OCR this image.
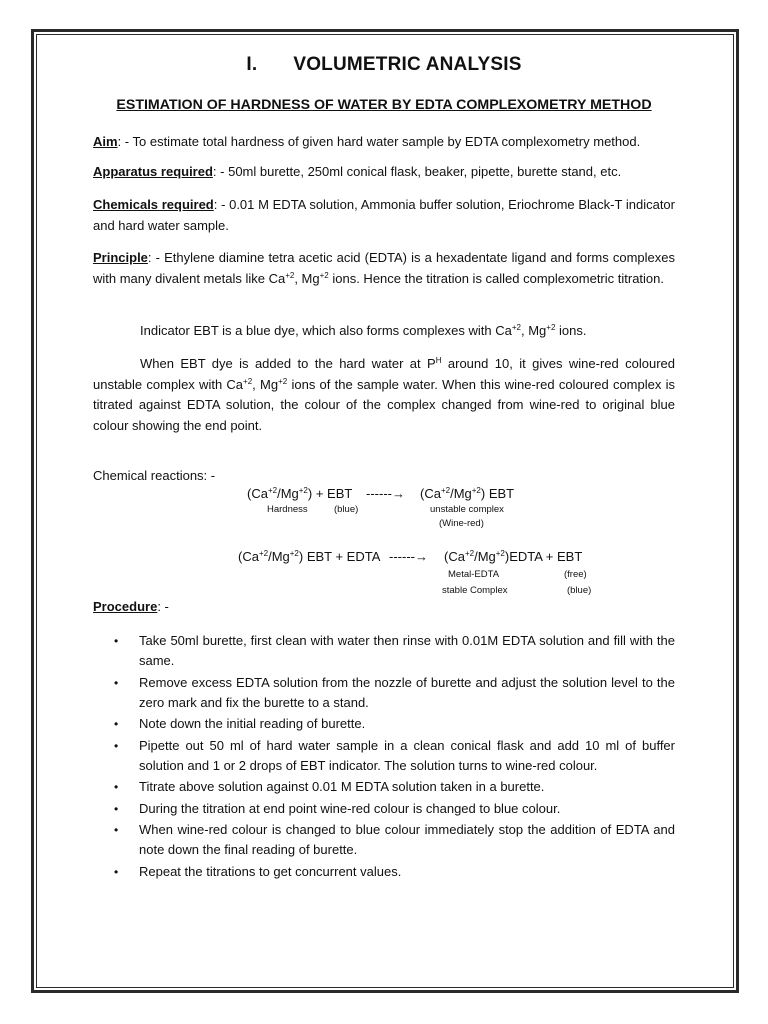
I. VOLUMETRIC ANALYSIS
ESTIMATION OF HARDNESS OF WATER BY EDTA COMPLEXOMETRY METHOD
Aim: - To estimate total hardness of given hard water sample by EDTA complexometry method.
Apparatus required: - 50ml burette, 250ml conical flask, beaker, pipette, burette stand, etc.
Chemicals required: - 0.01 M EDTA solution, Ammonia buffer solution, Eriochrome Black-T indicator and hard water sample.
Principle: - Ethylene diamine tetra acetic acid (EDTA) is a hexadentate ligand and forms complexes with many divalent metals like $Ca^{+2}$, $Mg^{+2}$ ions. Hence the titration is called complexometric titration.
Indicator EBT is a blue dye, which also forms complexes with $Ca^{+2}$, $Mg^{+2}$ ions.
When EBT dye is added to the hard water at $P^H$ around 10, it gives wine-red coloured unstable complex with $Ca^{+2}$, $Mg^{+2}$ ions of the sample water. When this wine-red coloured complex is titrated against EDTA solution, the colour of the complex changed from wine-red to original blue colour showing the end point.
Chemical reactions: -
$(Ca^{+2}/Mg^{+2})$ + EBT ------→ $(Ca^{+2}/Mg^{+2})$ EBT
Hardness	(blue)	unstable complex
(Wine-red)
$(Ca^{+2}/Mg^{+2})$ EBT + EDTA ------→ $(Ca^{+2}/Mg^{+2})EDTA$ + EBT
Metal-EDTA	(free)
stable Complex	(blue)
Procedure: -
• Take 50ml burette, first clean with water then rinse with 0.01M EDTA solution and fill with the same.
• Remove excess EDTA solution from the nozzle of burette and adjust the solution level to the zero mark and fix the burette to a stand.
• Note down the initial reading of burette.
• Pipette out 50 ml of hard water sample in a clean conical flask and add 10 ml of buffer solution and 1 or 2 drops of EBT indicator. The solution turns to wine-red colour.
• Titrate above solution against 0.01 M EDTA solution taken in a burette.
• During the titration at end point wine-red colour is changed to blue colour.
• When wine-red colour is changed to blue colour immediately stop the addition of EDTA and note down the final reading of burette.
• Repeat the titrations to get concurrent values.
